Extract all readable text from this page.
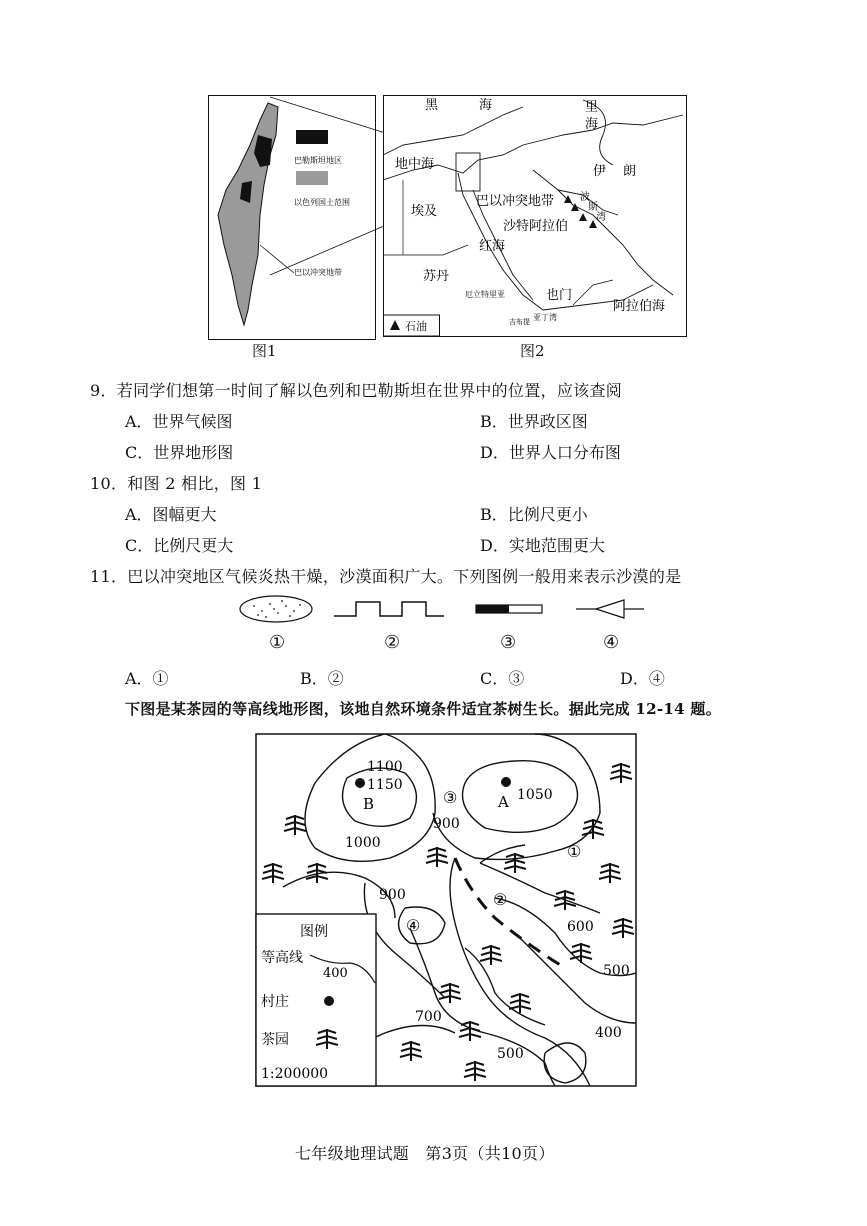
巴勒斯坦地区
以色列国土范围
巴以冲突地带
图1
黑	海	里
海
地中海	伊 朗
巴以冲突地带
埃及
沙特阿拉伯
波
斯
湾
红海
苏丹
厄立特里亚	也门
阿拉伯海
亚丁湾
吉布提
石油
图2
9．若同学们想第一时间了解以色列和巴勒斯坦在世界中的位置，应该查阅
A．世界气候图	B．世界政区图
C．世界地形图	D．世界人口分布图
10．和图 2 相比，图 1
A．图幅更大	B．比例尺更小
C．比例尺更大	D．实地范围更大
11．巴以冲突地区气候炎热干燥，沙漠面积广大。下列图例一般用来表示沙漠的是
①	②	③	④
A．①	B．②	C．③	D．④
下图是某茶园的等高线地形图，该地自然环境条件适宜茶树生长。据此完成 12-14 题。
1100
1150
1050
1000
900
900
600
500
700
400
500
B	A
①
②
③
④
图例
等高线
400
村庄
茶园
1:200000
七年级地理试题　第3页（共10页）
